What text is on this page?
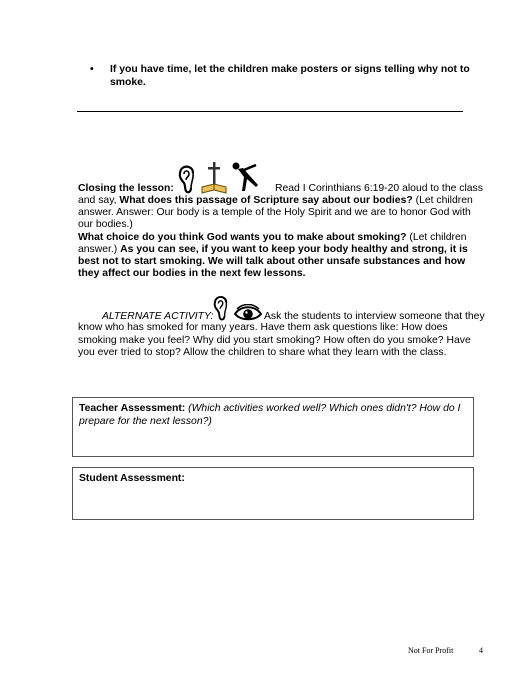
• If you have time, let the children make posters or signs telling why not to smoke.
Closing the lesson:	Read I Corinthians 6:19-20 aloud to the class
and say, What does this passage of Scripture say about our bodies? (Let children answer. Answer: Our body is a temple of the Holy Spirit and we are to honor God with our bodies.)
What choice do you think God wants you to make about smoking? (Let children answer.) As you can see, if you want to keep your body healthy and strong, it is best not to start smoking. We will talk about other unsafe substances and how they affect our bodies in the next few lessons.
ALTERNATE ACTIVITY:	Ask the students to interview someone that they
know who has smoked for many years. Have them ask questions like: How does smoking make you feel? Why did you start smoking? How often do you smoke? Have you ever tried to stop? Allow the children to share what they learn with the class.
Teacher Assessment: (Which activities worked well? Which ones didn't? How do I prepare for the next lesson?)
Student Assessment:
Not For Profit	4
